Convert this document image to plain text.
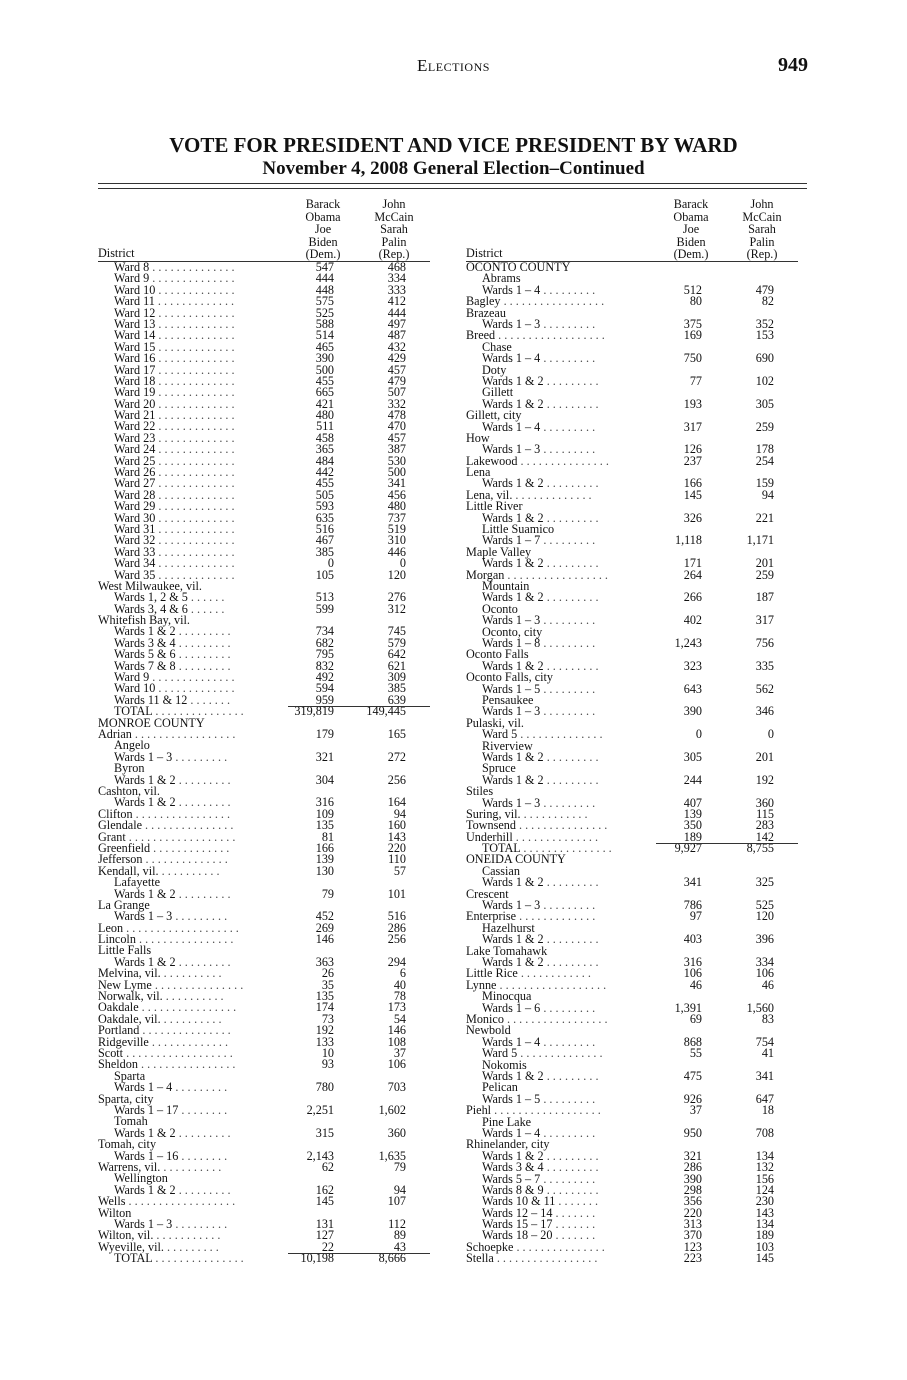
Elections	949
VOTE FOR PRESIDENT AND VICE PRESIDENT BY WARD
November 4, 2008 General Election–Continued
District
Barack
Obama
Joe
Biden
(Dem.)
John
McCain
Sarah
Palin
(Rep.)
Ward 8 . . . . . . . . . . . . . .	547	468
Ward 9 . . . . . . . . . . . . . .	444	334
Ward 10 . . . . . . . . . . . . .	448	333
Ward 11 . . . . . . . . . . . . .	575	412
Ward 12 . . . . . . . . . . . . .	525	444
Ward 13 . . . . . . . . . . . . .	588	497
Ward 14 . . . . . . . . . . . . .	514	487
Ward 15 . . . . . . . . . . . . .	465	432
Ward 16 . . . . . . . . . . . . .	390	429
Ward 17 . . . . . . . . . . . . .	500	457
Ward 18 . . . . . . . . . . . . .	455	479
Ward 19 . . . . . . . . . . . . .	665	507
Ward 20 . . . . . . . . . . . . .	421	332
Ward 21 . . . . . . . . . . . . .	480	478
Ward 22 . . . . . . . . . . . . .	511	470
Ward 23 . . . . . . . . . . . . .	458	457
Ward 24 . . . . . . . . . . . . .	365	387
Ward 25 . . . . . . . . . . . . .	484	530
Ward 26 . . . . . . . . . . . . .	442	500
Ward 27 . . . . . . . . . . . . .	455	341
Ward 28 . . . . . . . . . . . . .	505	456
Ward 29 . . . . . . . . . . . . .	593	480
Ward 30 . . . . . . . . . . . . .	635	737
Ward 31 . . . . . . . . . . . . .	516	519
Ward 32 . . . . . . . . . . . . .	467	310
Ward 33 . . . . . . . . . . . . .	385	446
Ward 34 . . . . . . . . . . . . .	0	0
Ward 35 . . . . . . . . . . . . .	105	120
West Milwaukee, vil.
Wards 1, 2 & 5 . . . . . .	513	276
Wards 3, 4 & 6 . . . . . .	599	312
Whitefish Bay, vil.
Wards 1 & 2 . . . . . . . . .	734	745
Wards 3 & 4 . . . . . . . . .	682	579
Wards 5 & 6 . . . . . . . . .	795	642
Wards 7 & 8 . . . . . . . . .	832	621
Ward 9 . . . . . . . . . . . . . .	492	309
Ward 10 . . . . . . . . . . . . .	594	385
Wards 11 & 12 . . . . . . .	959	639
TOTAL . . . . . . . . . . . . . . .	319,819	149,445
MONROE COUNTY
Adrian . . . . . . . . . . . . . . . . .	179	165
Angelo
Wards 1 – 3 . . . . . . . . .	321	272
Byron
Wards 1 & 2 . . . . . . . . .	304	256
Cashton, vil.
Wards 1 & 2 . . . . . . . . .	316	164
Clifton . . . . . . . . . . . . . . . .	109	94
Glendale . . . . . . . . . . . . . . .	135	160
Grant . . . . . . . . . . . . . . . . . .	81	143
Greenfield . . . . . . . . . . . . .	166	220
Jefferson . . . . . . . . . . . . . .	139	110
Kendall, vil. . . . . . . . . . .	130	57
Lafayette
Wards 1 & 2 . . . . . . . . .	79	101
La Grange
Wards 1 – 3 . . . . . . . . .	452	516
Leon . . . . . . . . . . . . . . . . . . .	269	286
Lincoln . . . . . . . . . . . . . . . .	146	256
Little Falls
Wards 1 & 2 . . . . . . . . .	363	294
Melvina, vil. . . . . . . . . . .	26	6
New Lyme . . . . . . . . . . . . . . .	35	40
Norwalk, vil. . . . . . . . . . .	135	78
Oakdale . . . . . . . . . . . . . . . .	174	173
Oakdale, vil. . . . . . . . . . .	73	54
Portland . . . . . . . . . . . . . . .	192	146
Ridgeville . . . . . . . . . . . . .	133	108
Scott . . . . . . . . . . . . . . . . . .	10	37
Sheldon . . . . . . . . . . . . . . . .	93	106
Sparta
Wards 1 – 4 . . . . . . . . .	780	703
Sparta, city
Wards 1 – 17 . . . . . . . .	2,251	1,602
Tomah
Wards 1 & 2 . . . . . . . . .	315	360
Tomah, city
Wards 1 – 16 . . . . . . . .	2,143	1,635
Warrens, vil. . . . . . . . . . .	62	79
Wellington
Wards 1 & 2 . . . . . . . . .	162	94
Wells . . . . . . . . . . . . . . . . . .	145	107
Wilton
Wards 1 – 3 . . . . . . . . .	131	112
Wilton, vil. . . . . . . . . . . .	127	89
Wyeville, vil. . . . . . . . . .	22	43
TOTAL . . . . . . . . . . . . . . .	10,198	8,666
District
Barack
Obama
Joe
Biden
(Dem.)
John
McCain
Sarah
Palin
(Rep.)
OCONTO COUNTY
Abrams
Wards 1 – 4 . . . . . . . . .	512	479
Bagley . . . . . . . . . . . . . . . . .	80	82
Brazeau
Wards 1 – 3 . . . . . . . . .	375	352
Breed . . . . . . . . . . . . . . . . . .	169	153
Chase
Wards 1 – 4 . . . . . . . . .	750	690
Doty
Wards 1 & 2 . . . . . . . . .	77	102
Gillett
Wards 1 & 2 . . . . . . . . .	193	305
Gillett, city
Wards 1 – 4 . . . . . . . . .	317	259
How
Wards 1 – 3 . . . . . . . . .	126	178
Lakewood . . . . . . . . . . . . . . .	237	254
Lena
Wards 1 & 2 . . . . . . . . .	166	159
Lena, vil. . . . . . . . . . . . . .	145	94
Little River
Wards 1 & 2 . . . . . . . . .	326	221
Little Suamico
Wards 1 – 7 . . . . . . . . .	1,118	1,171
Maple Valley
Wards 1 & 2 . . . . . . . . .	171	201
Morgan . . . . . . . . . . . . . . . . .	264	259
Mountain
Wards 1 & 2 . . . . . . . . .	266	187
Oconto
Wards 1 – 3 . . . . . . . . .	402	317
Oconto, city
Wards 1 – 8 . . . . . . . . .	1,243	756
Oconto Falls
Wards 1 & 2 . . . . . . . . .	323	335
Oconto Falls, city
Wards 1 – 5 . . . . . . . . .	643	562
Pensaukee
Wards 1 – 3 . . . . . . . . .	390	346
Pulaski, vil.
Ward 5 . . . . . . . . . . . . . .	0	0
Riverview
Wards 1 & 2 . . . . . . . . .	305	201
Spruce
Wards 1 & 2 . . . . . . . . .	244	192
Stiles
Wards 1 – 3 . . . . . . . . .	407	360
Suring, vil. . . . . . . . . . . .	139	115
Townsend . . . . . . . . . . . . . . .	350	283
Underhill . . . . . . . . . . . . . .	189	142
TOTAL . . . . . . . . . . . . . . .	9,927	8,755
ONEIDA COUNTY
Cassian
Wards 1 & 2 . . . . . . . . .	341	325
Crescent
Wards 1 – 3 . . . . . . . . .	786	525
Enterprise . . . . . . . . . . . . .	97	120
Hazelhurst
Wards 1 & 2 . . . . . . . . .	403	396
Lake Tomahawk
Wards 1 & 2 . . . . . . . . .	316	334
Little Rice . . . . . . . . . . . .	106	106
Lynne . . . . . . . . . . . . . . . . . .	46	46
Minocqua
Wards 1 – 6 . . . . . . . . .	1,391	1,560
Monico . . . . . . . . . . . . . . . . .	69	83
Newbold
Wards 1 – 4 . . . . . . . . .	868	754
Ward 5 . . . . . . . . . . . . . .	55	41
Nokomis
Wards 1 & 2 . . . . . . . . .	475	341
Pelican
Wards 1 – 5 . . . . . . . . .	926	647
Piehl . . . . . . . . . . . . . . . . . .	37	18
Pine Lake
Wards 1 – 4 . . . . . . . . .	950	708
Rhinelander, city
Wards 1 & 2 . . . . . . . . .	321	134
Wards 3 & 4 . . . . . . . . .	286	132
Wards 5 – 7 . . . . . . . . .	390	156
Wards 8 & 9 . . . . . . . . .	298	124
Wards 10 & 11 . . . . . . .	356	230
Wards 12 – 14 . . . . . . .	220	143
Wards 15 – 17 . . . . . . .	313	134
Wards 18 – 20 . . . . . . .	370	189
Schoepke . . . . . . . . . . . . . . .	123	103
Stella . . . . . . . . . . . . . . . . .	223	145
